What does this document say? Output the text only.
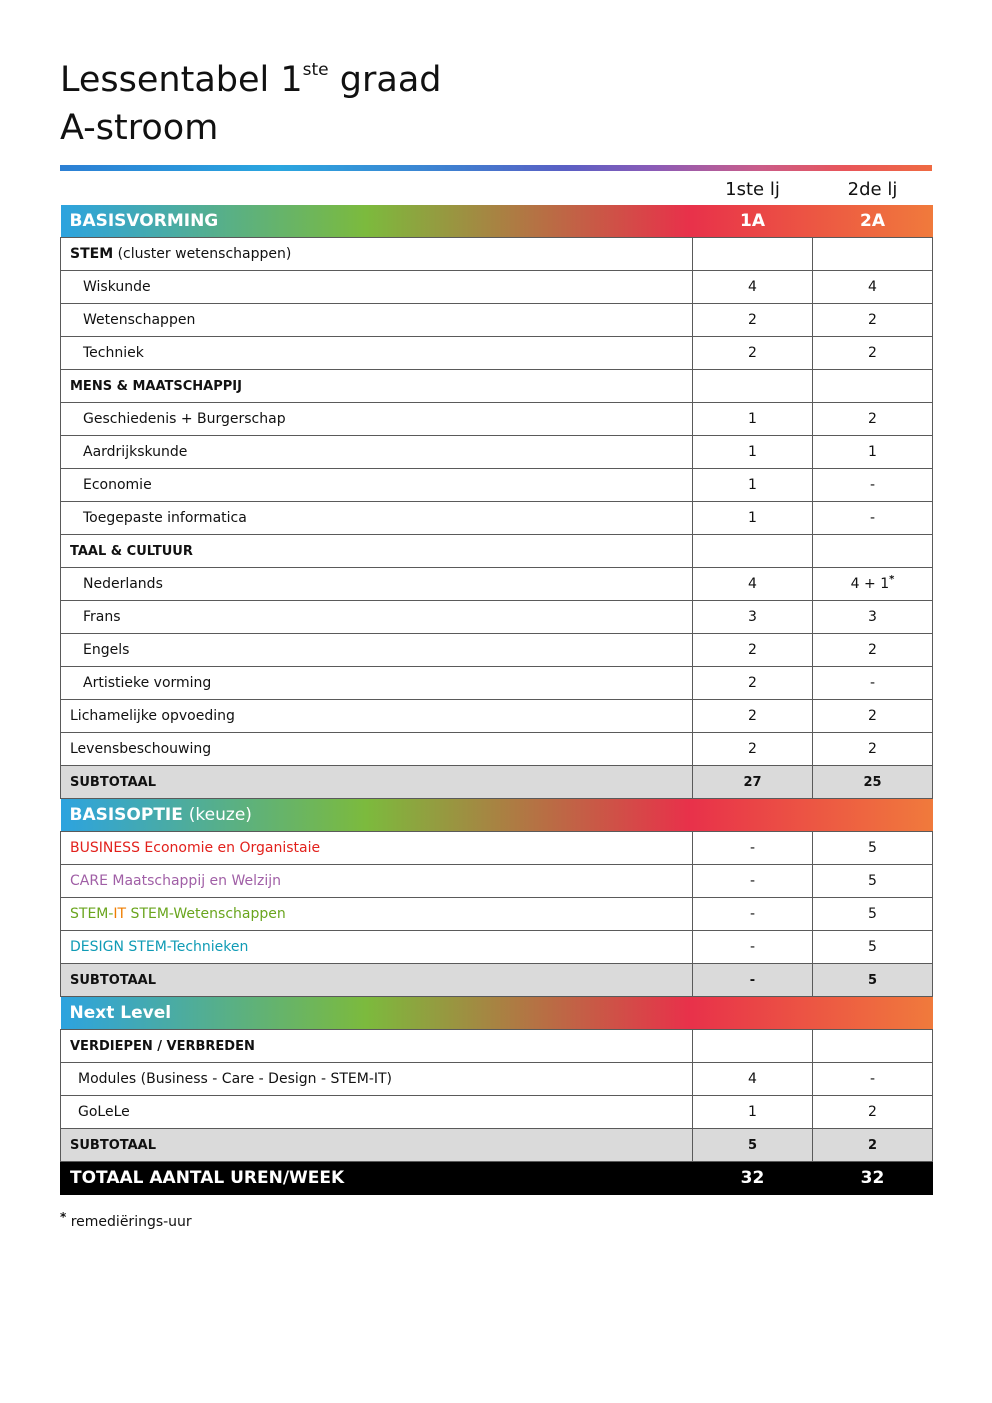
Lessentabel 1ste graad
A-stroom
	1ste lj	2de lj
BASISVORMING	1A	2A
STEM (cluster wetenschappen)		
Wiskunde	4	4
Wetenschappen	2	2
Techniek	2	2
MENS & MAATSCHAPPIJ		
Geschiedenis + Burgerschap	1	2
Aardrijkskunde	1	1
Economie	1	-
Toegepaste informatica	1	-
TAAL & CULTUUR		
Nederlands	4	4 + 1*
Frans	3	3
Engels	2	2
Artistieke vorming	2	-
Lichamelijke opvoeding	2	2
Levensbeschouwing	2	2
SUBTOTAAL	27	25
BASISOPTIE (keuze)		
BUSINESS Economie en Organistaie	-	5
CARE Maatschappij en Welzijn	-	5
STEM-IT STEM-Wetenschappen	-	5
DESIGN STEM-Technieken	-	5
SUBTOTAAL	-	5
Next Level		
VERDIEPEN / VERBREDEN		
Modules (Business - Care - Design - STEM-IT)	4	-
GoLeLe	1	2
SUBTOTAAL	5	2
TOTAAL AANTAL UREN/WEEK	32	32
* remediërings-uur
